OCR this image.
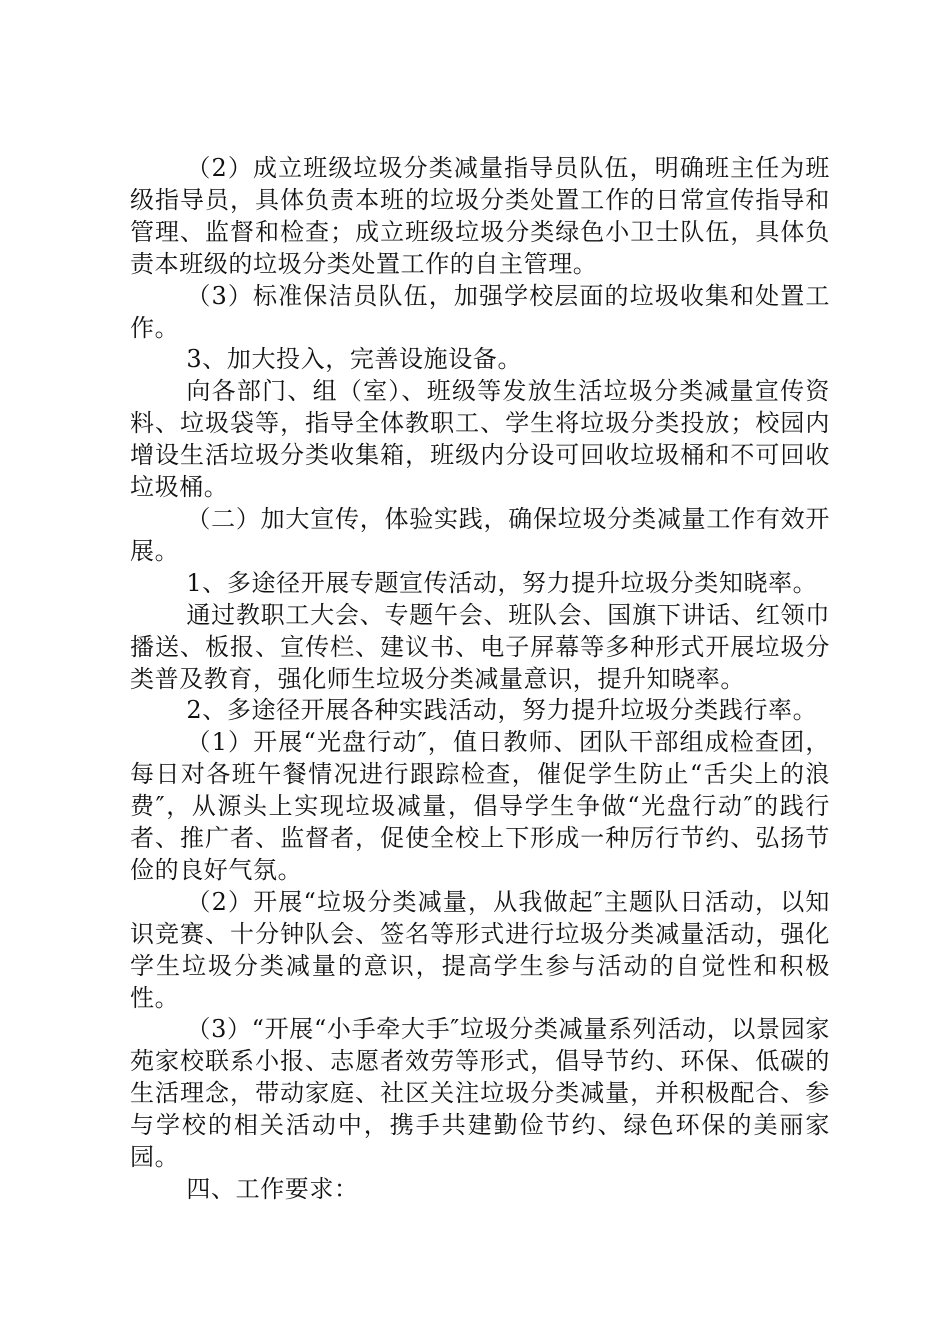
（2）成立班级垃圾分类减量指导员队伍，明确班主任为班级指导员，具体负责本班的垃圾分类处置工作的日常宣传指导和管理、监督和检查；成立班级垃圾分类绿色小卫士队伍，具体负责本班级的垃圾分类处置工作的自主管理。

（3）标准保洁员队伍，加强学校层面的垃圾收集和处置工作。

3、加大投入，完善设施设备。

向各部门、组（室）、班级等发放生活垃圾分类减量宣传资料、垃圾袋等，指导全体教职工、学生将垃圾分类投放；校园内增设生活垃圾分类收集箱，班级内分设可回收垃圾桶和不可回收垃圾桶。

（二）加大宣传，体验实践，确保垃圾分类减量工作有效开展。

1、多途径开展专题宣传活动，努力提升垃圾分类知晓率。

通过教职工大会、专题午会、班队会、国旗下讲话、红领巾播送、板报、宣传栏、建议书、电子屏幕等多种形式开展垃圾分类普及教育，强化师生垃圾分类减量意识，提升知晓率。

2、多途径开展各种实践活动，努力提升垃圾分类践行率。

（1）开展“光盘行动″，值日教师、团队干部组成检查团，每日对各班午餐情况进行跟踪检查，催促学生防止“舌尖上的浪费″，从源头上实现垃圾减量，倡导学生争做“光盘行动″的践行者、推广者、监督者，促使全校上下形成一种厉行节约、弘扬节俭的良好气氛。

（2）开展“垃圾分类减量，从我做起″主题队日活动，以知识竞赛、十分钟队会、签名等形式进行垃圾分类减量活动，强化学生垃圾分类减量的意识，提高学生参与活动的自觉性和积极性。

（3）“开展“小手牵大手″垃圾分类减量系列活动，以景园家苑家校联系小报、志愿者效劳等形式，倡导节约、环保、低碳的生活理念，带动家庭、社区关注垃圾分类减量，并积极配合、参与学校的相关活动中，携手共建勤俭节约、绿色环保的美丽家园。

四、工作要求：
